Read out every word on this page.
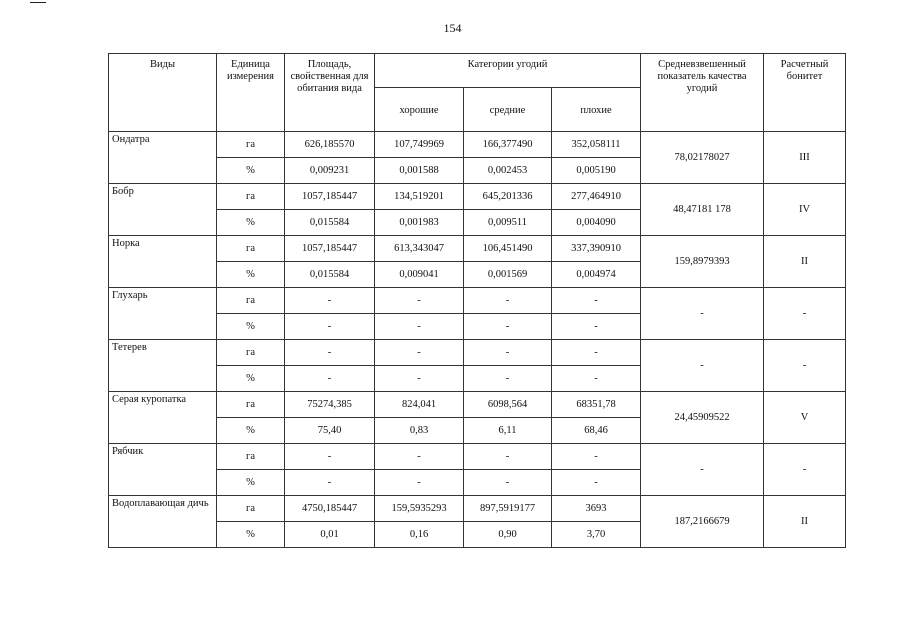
154
Виды	Единица измерения	Площадь, свойственная для обитания вида	Категории угодий			Средневзвешенный показатель качества угодий	Расчетный бонитет
			хорошие	средние	плохие		
Ондатра	га	626,185570	107,749969	166,377490	352,058111	78,02178027	III
	%	0,009231	0,001588	0,002453	0,005190		
Бобр	га	1057,185447	134,519201	645,201336	277,464910	48,47181 178	IV
	%	0,015584	0,001983	0,009511	0,004090		
Норка	га	1057,185447	613,343047	106,451490	337,390910	159,8979393	II
	%	0,015584	0,009041	0,001569	0,004974		
Глухарь	га	-	-	-	-	-	-
	%	-	-	-	-		
Тетерев	га	-	-	-	-	-	-
	%	-	-	-	-		
Серая куропатка	га	75274,385	824,041	6098,564	68351,78	24,45909522	V
	%	75,40	0,83	6,11	68,46		
Рябчик	га	-	-	-	-	-	-
	%	-	-	-	-		
Водоплавающая дичь	га	4750,185447	159,5935293	897,5919177	3693	187,2166679	II
	%	0,01	0,16	0,90	3,70		
